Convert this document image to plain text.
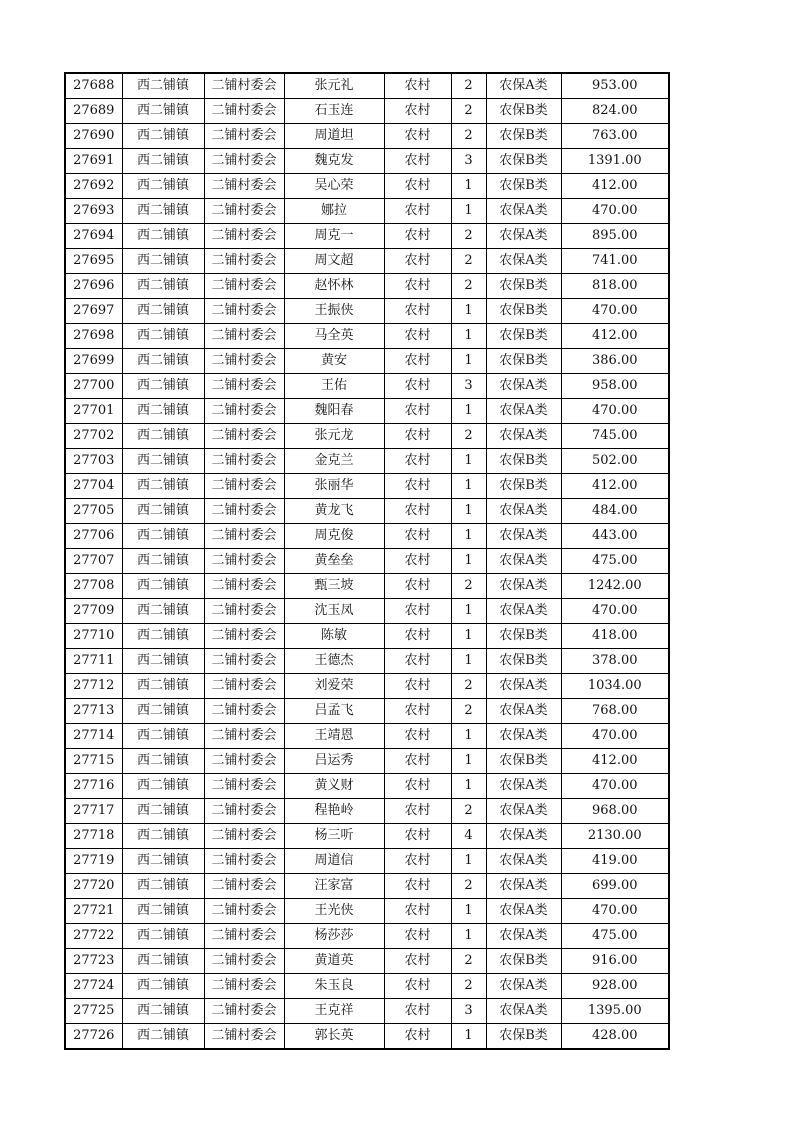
27688	西二铺镇	二铺村委会	张元礼	农村	2	农保A类	953.00
27689	西二铺镇	二铺村委会	石玉连	农村	2	农保B类	824.00
27690	西二铺镇	二铺村委会	周道坦	农村	2	农保B类	763.00
27691	西二铺镇	二铺村委会	魏克发	农村	3	农保B类	1391.00
27692	西二铺镇	二铺村委会	吴心荣	农村	1	农保B类	412.00
27693	西二铺镇	二铺村委会	娜拉	农村	1	农保A类	470.00
27694	西二铺镇	二铺村委会	周克一	农村	2	农保A类	895.00
27695	西二铺镇	二铺村委会	周文超	农村	2	农保A类	741.00
27696	西二铺镇	二铺村委会	赵怀林	农村	2	农保B类	818.00
27697	西二铺镇	二铺村委会	王振侠	农村	1	农保B类	470.00
27698	西二铺镇	二铺村委会	马全英	农村	1	农保B类	412.00
27699	西二铺镇	二铺村委会	黄安	农村	1	农保B类	386.00
27700	西二铺镇	二铺村委会	王佑	农村	3	农保A类	958.00
27701	西二铺镇	二铺村委会	魏阳春	农村	1	农保A类	470.00
27702	西二铺镇	二铺村委会	张元龙	农村	2	农保A类	745.00
27703	西二铺镇	二铺村委会	金克兰	农村	1	农保B类	502.00
27704	西二铺镇	二铺村委会	张丽华	农村	1	农保B类	412.00
27705	西二铺镇	二铺村委会	黄龙飞	农村	1	农保A类	484.00
27706	西二铺镇	二铺村委会	周克俊	农村	1	农保A类	443.00
27707	西二铺镇	二铺村委会	黄垒垒	农村	1	农保A类	475.00
27708	西二铺镇	二铺村委会	甄三坡	农村	2	农保A类	1242.00
27709	西二铺镇	二铺村委会	沈玉凤	农村	1	农保A类	470.00
27710	西二铺镇	二铺村委会	陈敏	农村	1	农保B类	418.00
27711	西二铺镇	二铺村委会	王德杰	农村	1	农保B类	378.00
27712	西二铺镇	二铺村委会	刘爱荣	农村	2	农保A类	1034.00
27713	西二铺镇	二铺村委会	吕孟飞	农村	2	农保A类	768.00
27714	西二铺镇	二铺村委会	王靖恩	农村	1	农保A类	470.00
27715	西二铺镇	二铺村委会	吕运秀	农村	1	农保B类	412.00
27716	西二铺镇	二铺村委会	黄义财	农村	1	农保A类	470.00
27717	西二铺镇	二铺村委会	程艳岭	农村	2	农保A类	968.00
27718	西二铺镇	二铺村委会	杨三听	农村	4	农保A类	2130.00
27719	西二铺镇	二铺村委会	周道信	农村	1	农保A类	419.00
27720	西二铺镇	二铺村委会	汪家富	农村	2	农保A类	699.00
27721	西二铺镇	二铺村委会	王光侠	农村	1	农保A类	470.00
27722	西二铺镇	二铺村委会	杨莎莎	农村	1	农保A类	475.00
27723	西二铺镇	二铺村委会	黄道英	农村	2	农保B类	916.00
27724	西二铺镇	二铺村委会	朱玉良	农村	2	农保A类	928.00
27725	西二铺镇	二铺村委会	王克祥	农村	3	农保A类	1395.00
27726	西二铺镇	二铺村委会	郭长英	农村	1	农保B类	428.00
